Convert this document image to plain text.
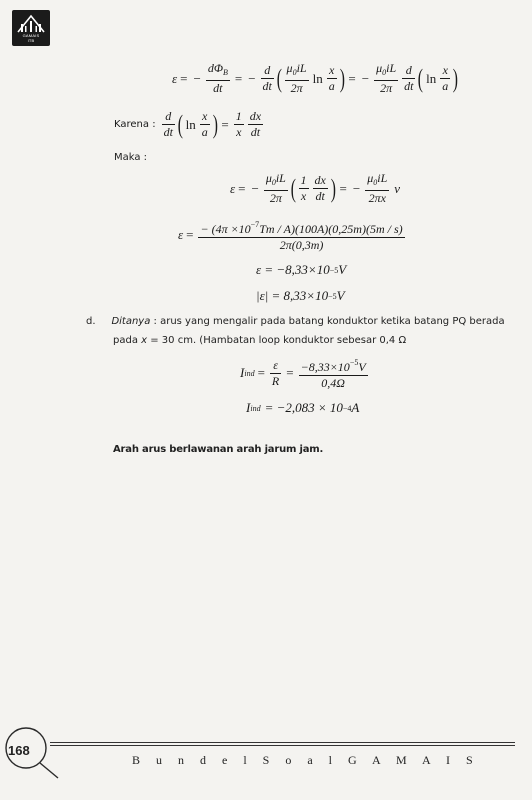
GAMAIS
ITB
ε = − $\frac{d\Phi_B}{dt}$ = − $\frac{d}{dt}$ ( $\frac{\mu_0iL}{2\pi}$ $\ln \frac{x}{a}$ ) = − $\frac{\mu_0iL}{2\pi} \frac{d}{dt}$ ( $\ln \frac{x}{a}$ )
Karena : $\frac{d}{dt}$ ( $\ln \frac{x}{a}$ ) = $\frac{1}{x} \frac{dx}{dt}$
Maka :
ε = − $\frac{\mu_0iL}{2\pi}$ ( $\frac{1}{x} \frac{dx}{dt}$ ) = − $\frac{\mu_0iL}{2\pi x}$ v
$\varepsilon = \frac{- (4\pi \times 10^{-7}Tm / A)(100A)(0,25m)(5m / s)}{2\pi(0,3m)}$
ε = −8,33×10 −5 V
|ε| = 8,33×10 −5 V
d. Ditanya : arus yang mengalir pada batang konduktor ketika batang PQ berada
pada x = 30 cm. (Hambatan loop konduktor sebesar 0,4 Ω
I ind = $\frac{\varepsilon}{R} = \frac{-8,33\times 10^{-5}V}{0,4\Omega}$
I ind = −2,083 × 10 −4 A
Arah arus berlawanan arah jarum jam.
168
B u n d e l S o a l G A M A I S
